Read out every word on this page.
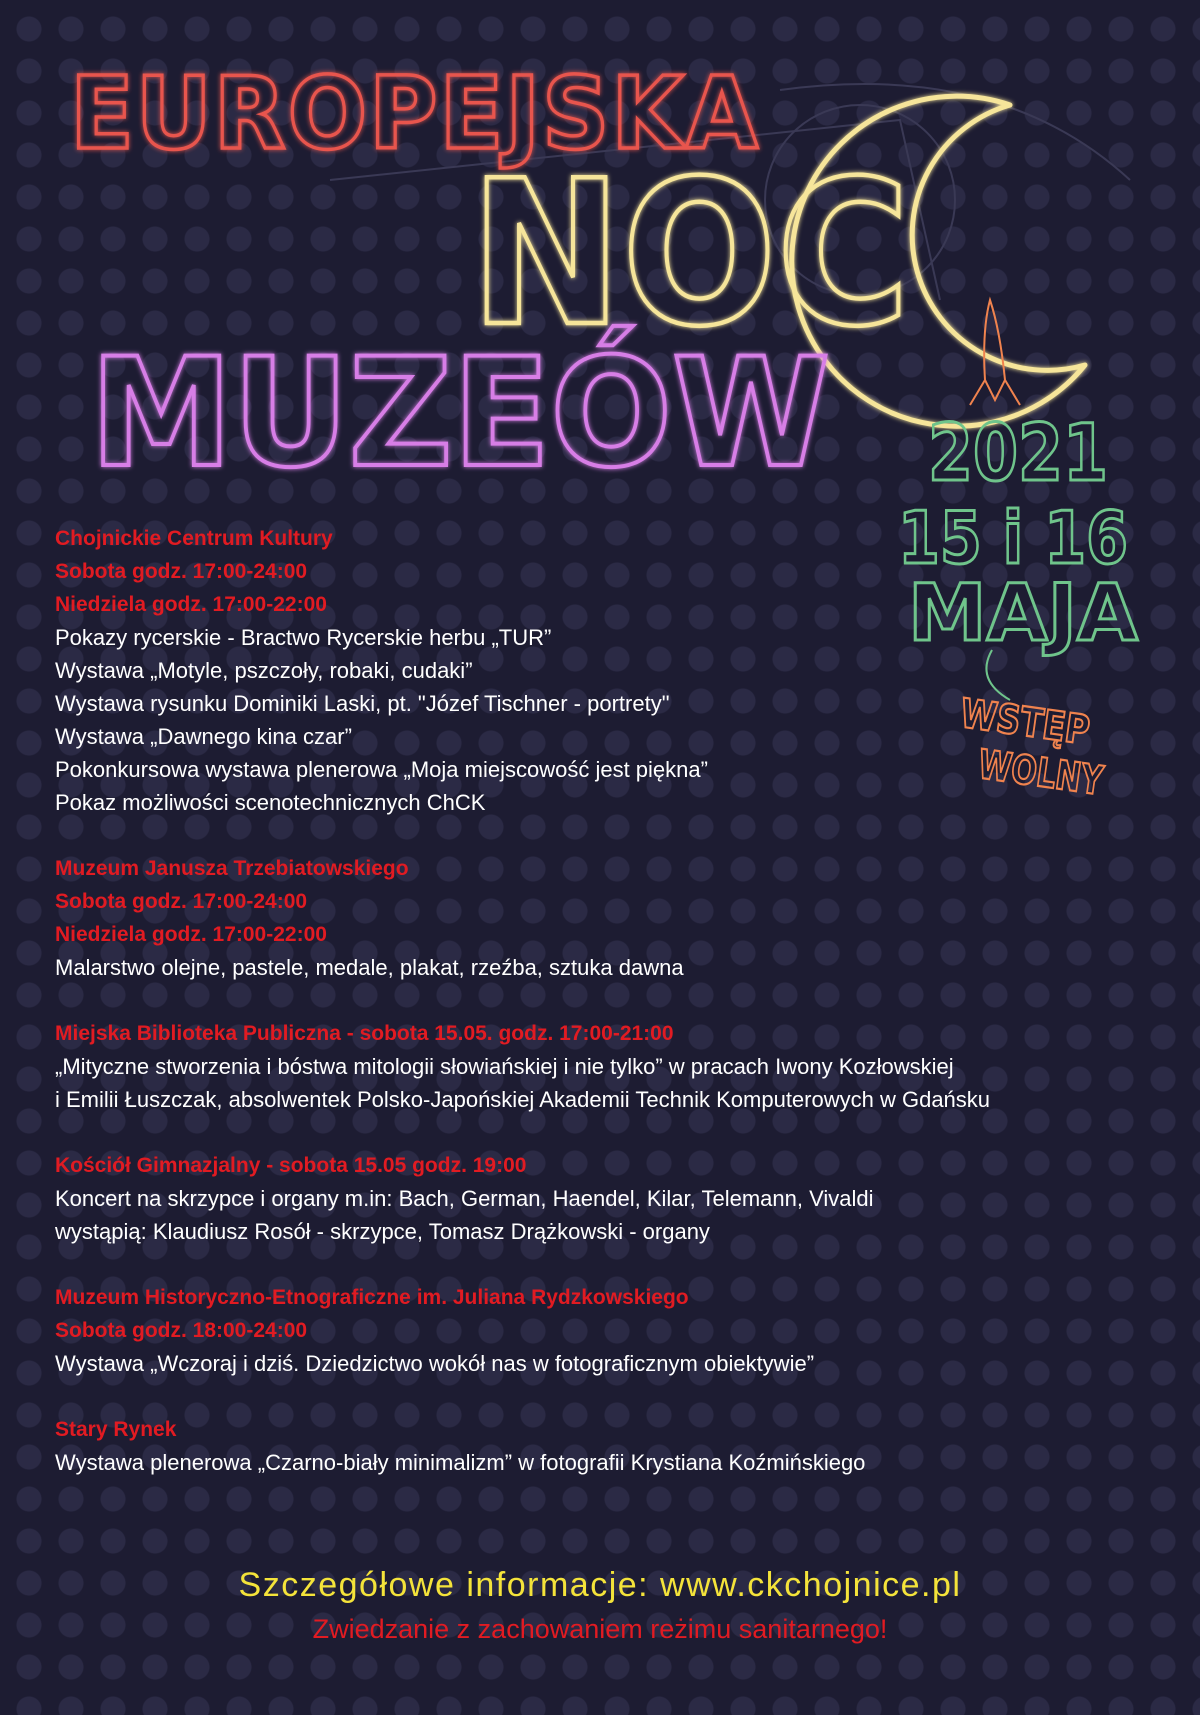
EUROPEJSKA
NOC
MUZEÓW 2021
15 i 16
MAJA
WSTĘP
WOLNY
Chojnickie Centrum Kultury
Sobota godz. 17:00-24:00
Niedziela godz. 17:00-22:00
Pokazy rycerskie - Bractwo Rycerskie herbu „TUR”
Wystawa „Motyle, pszczoły, robaki, cudaki”
Wystawa rysunku Dominiki Laski, pt. "Józef Tischner - portrety"
Wystawa „Dawnego kina czar”
Pokonkursowa wystawa plenerowa „Moja miejscowość jest piękna”
Pokaz możliwości scenotechnicznych ChCK
Muzeum Janusza Trzebiatowskiego
Sobota godz. 17:00-24:00
Niedziela godz. 17:00-22:00
Malarstwo olejne, pastele, medale, plakat, rzeźba, sztuka dawna
Miejska Biblioteka Publiczna - sobota 15.05. godz. 17:00-21:00
„Mityczne stworzenia i bóstwa mitologii słowiańskiej i nie tylko” w pracach Iwony Kozłowskiej
i Emilii Łuszczak, absolwentek Polsko-Japońskiej Akademii Technik Komputerowych w Gdańsku
Kościół Gimnazjalny - sobota 15.05 godz. 19:00
Koncert na skrzypce i organy m.in: Bach, German, Haendel, Kilar, Telemann, Vivaldi
wystąpią: Klaudiusz Rosół - skrzypce, Tomasz Drążkowski - organy
Muzeum Historyczno-Etnograficzne im. Juliana Rydzkowskiego
Sobota godz. 18:00-24:00
Wystawa „Wczoraj i dziś. Dziedzictwo wokół nas w fotograficznym obiektywie”
Stary Rynek
Wystawa plenerowa „Czarno-biały minimalizm” w fotografii Krystiana Koźmińskiego
Szczegółowe informacje: www.ckchojnice.pl
Zwiedzanie z zachowaniem reżimu sanitarnego!
